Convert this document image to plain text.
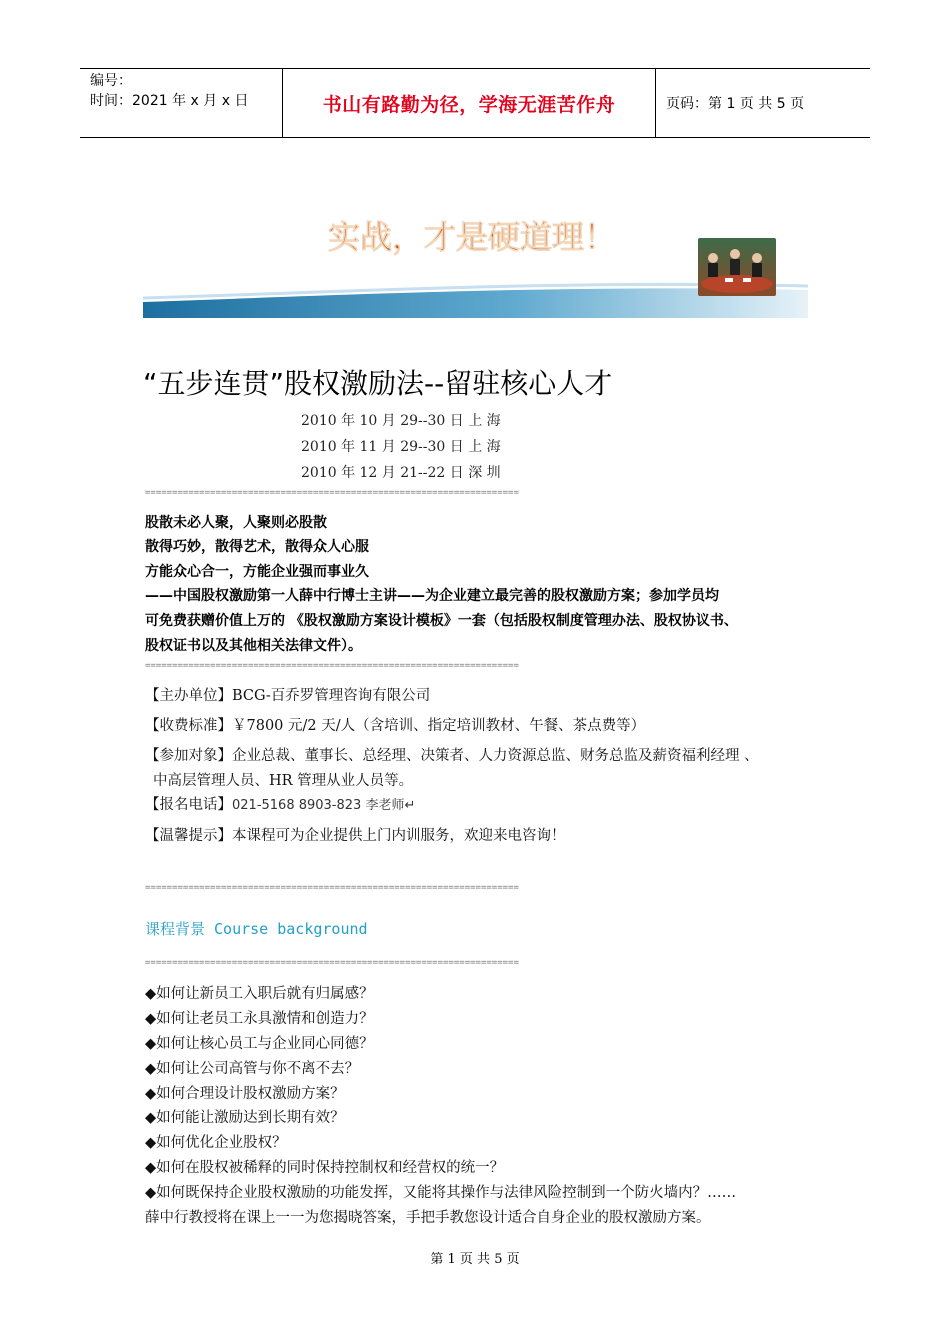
编号：
时间：2021 年 x 月 x 日	书山有路勤为径，学海无涯苦作舟	页码：第 1 页 共 5 页
实战，才是硬道理！
“五步连贯”股权激励法--留驻核心人才
2010 年 10 月 29--30 日 上 海
2010 年 11 月 29--30 日 上 海
2010 年 12 月 21--22 日 深 圳
=====================================================================
股散未必人聚，人聚则必股散
散得巧妙，散得艺术，散得众人心服
方能众心合一，方能企业强而事业久
——中国股权激励第一人薛中行博士主讲——为企业建立最完善的股权激励方案；参加学员均
可免费获赠价值上万的 《股权激励方案设计模板》一套（包括股权制度管理办法、股权协议书、
股权证书以及其他相关法律文件）。
=====================================================================
【主办单位】BCG-百乔罗管理咨询有限公司
【收费标准】￥7800 元/2 天/人（含培训、指定培训教材、午餐、茶点费等）
【参加对象】企业总裁、董事长、总经理、决策者、人力资源总监、财务总监及薪资福利经理 、
中高层管理人员、HR 管理从业人员等。
【报名电话】021-5168 8903-823 李老师↵
【温馨提示】本课程可为企业提供上门内训服务，欢迎来电咨询！
=====================================================================
课程背景 Course background
=====================================================================
◆如何让新员工入职后就有归属感？
◆如何让老员工永具激情和创造力？
◆如何让核心员工与企业同心同德？
◆如何让公司高管与你不离不去？
◆如何合理设计股权激励方案？
◆如何能让激励达到长期有效？
◆如何优化企业股权？
◆如何在股权被稀释的同时保持控制权和经营权的统一？
◆如何既保持企业股权激励的功能发挥，又能将其操作与法律风险控制到一个防火墙内？……
薛中行教授将在课上一一为您揭晓答案，手把手教您设计适合自身企业的股权激励方案。
第 1 页 共 5 页
